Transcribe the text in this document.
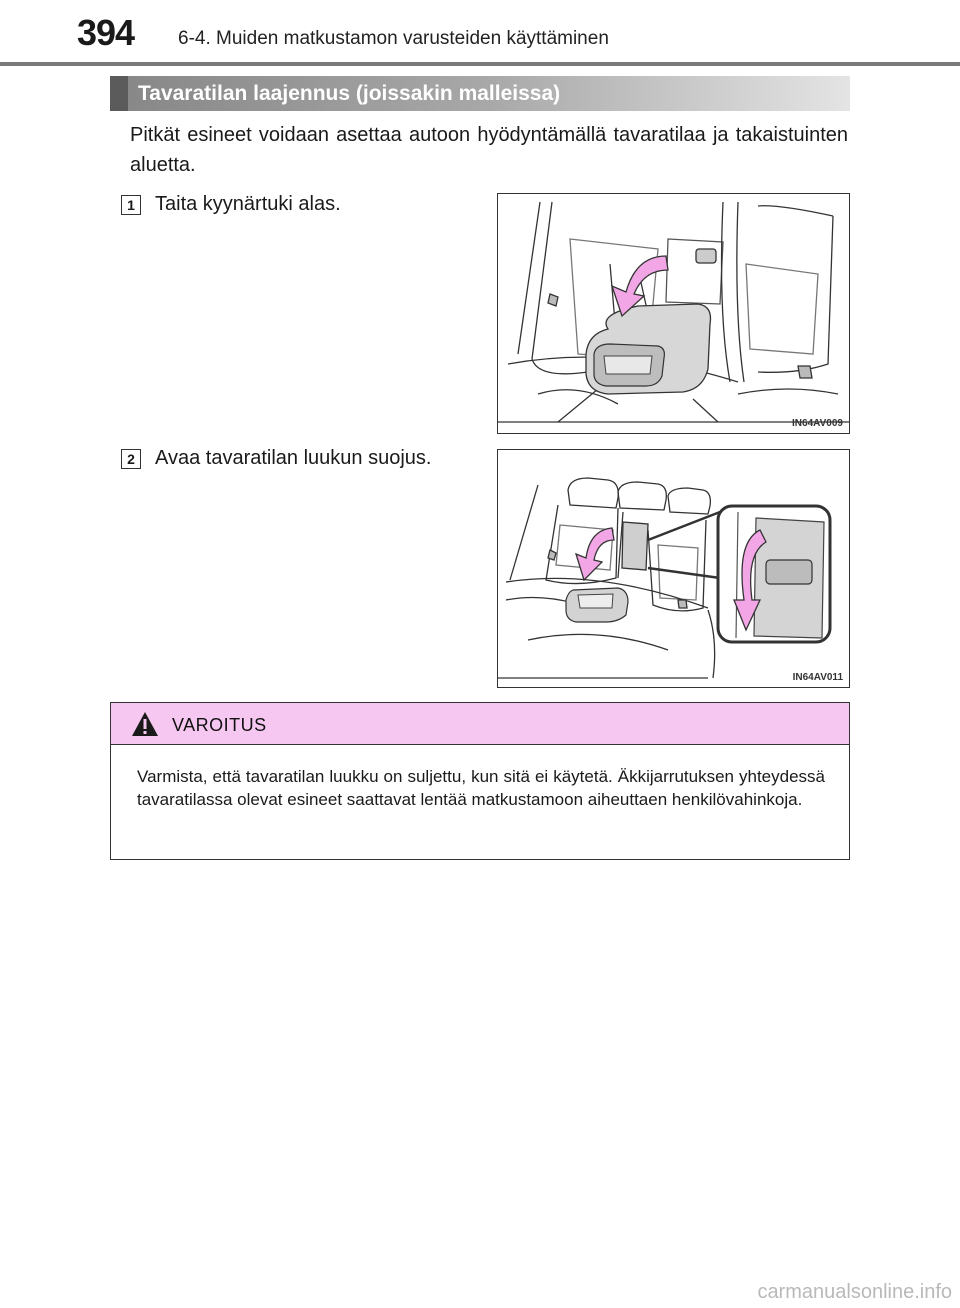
394 6-4. Muiden matkustamon varusteiden käyttäminen
Tavaratilan laajennus (joissakin malleissa)
Pitkät esineet voidaan asettaa autoon hyödyntämällä tavaratilaa ja takaistuinten aluetta.
1	Taita kyynärtuki alas.
IN64AV009
2	Avaa tavaratilan luukun suojus.
IN64AV011
VAROITUS
Varmista, että tavaratilan luukku on suljettu, kun sitä ei käytetä. Äkkijarrutuksen yhteydessä tavaratilassa olevat esineet saattavat lentää matkustamoon aiheuttaen henkilövahinkoja.
carmanualsonline.info
